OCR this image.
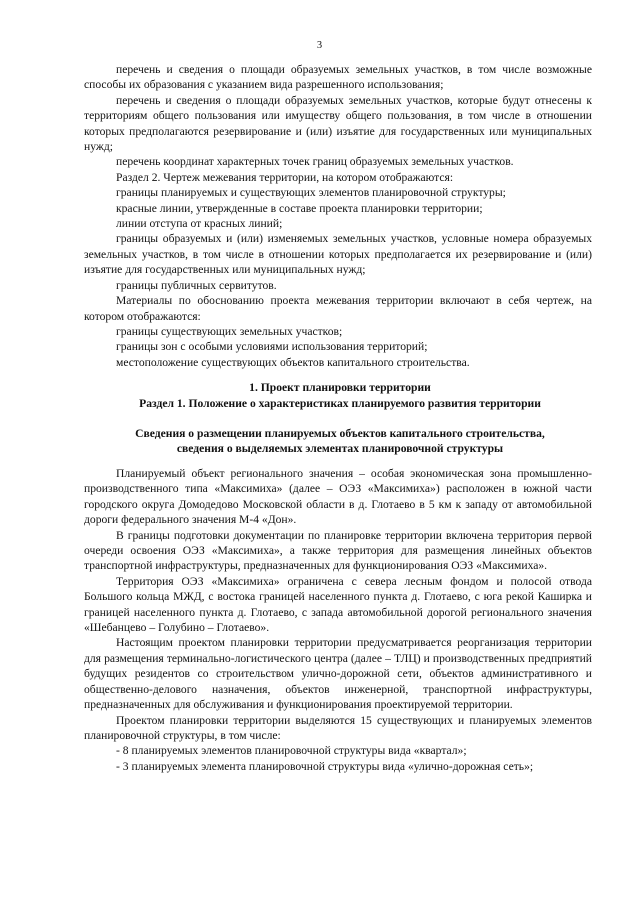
3

перечень и сведения о площади образуемых земельных участков, в том числе возможные способы их образования с указанием вида разрешенного использования;

перечень и сведения о площади образуемых земельных участков, которые будут отнесены к территориям общего пользования или имуществу общего пользования, в том числе в отношении которых предполагаются резервирование и (или) изъятие для государственных или муниципальных нужд;

перечень координат характерных точек границ образуемых земельных участков.

Раздел 2. Чертеж межевания территории, на котором отображаются:

границы планируемых и существующих элементов планировочной структуры;

красные линии, утвержденные в составе проекта планировки территории;

линии отступа от красных линий;

границы образуемых и (или) изменяемых земельных участков, условные номера образуемых земельных участков, в том числе в отношении которых предполагается их резервирование и (или) изъятие для государственных или муниципальных нужд;

границы публичных сервитутов.

Материалы по обоснованию проекта межевания территории включают в себя чертеж, на котором отображаются:

границы существующих земельных участков;

границы зон с особыми условиями использования территорий;

местоположение существующих объектов капитального строительства.

1. Проект планировки территории
Раздел 1. Положение о характеристиках планируемого развития территории
Сведения о размещении планируемых объектов капитального строительства,
сведения о выделяемых элементах планировочной структуры

Планируемый объект регионального значения – особая экономическая зона промышленно-производственного типа «Максимиха» (далее – ОЭЗ «Максимиха») расположен в южной части городского округа Домодедово Московской области в д. Глотаево в 5 км к западу от автомобильной дороги федерального значения М-4 «Дон».

В границы подготовки документации по планировке территории включена территория первой очереди освоения ОЭЗ «Максимиха», а также территория для размещения линейных объектов транспортной инфраструктуры, предназначенных для функционирования ОЭЗ «Максимиха».

Территория ОЭЗ «Максимиха» ограничена с севера лесным фондом и полосой отвода Большого кольца МЖД, с востока границей населенного пункта д. Глотаево, с юга рекой Каширка и границей населенного пункта д. Глотаево, с запада автомобильной дорогой регионального значения «Шебанцево – Голубино – Глотаево».

Настоящим проектом планировки территории предусматривается реорганизация территории для размещения терминально-логистического центра (далее – ТЛЦ) и производственных предприятий будущих резидентов со строительством улично-дорожной сети, объектов административного и общественно-делового назначения, объектов инженерной, транспортной инфраструктуры, предназначенных для обслуживания и функционирования проектируемой территории.

Проектом планировки территории выделяются 15 существующих и планируемых элементов планировочной структуры, в том числе:

- 8 планируемых элементов планировочной структуры вида «квартал»;

- 3 планируемых элемента планировочной структуры вида «улично-дорожная сеть»;
